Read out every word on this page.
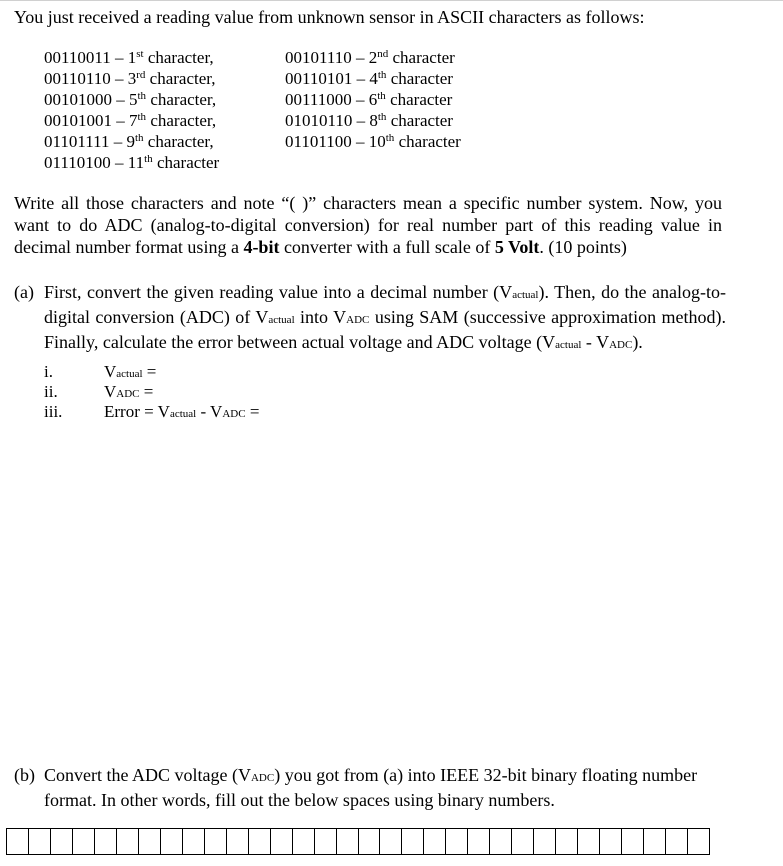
You just received a reading value from unknown sensor in ASCII characters as follows:
00110011 – 1st character,
00110110 – 3rd character,
00101000 – 5th character,
00101001 – 7th character,
01101111 – 9th character,
01110100 – 11th character
00101110 – 2nd character
00110101 – 4th character
00111000 – 6th character
01010110 – 8th character
01101100 – 10th character
Write all those characters and note “( )” characters mean a specific number system. Now, you want to do ADC (analog-to-digital conversion) for real number part of this reading value in decimal number format using a 4-bit converter with a full scale of 5 Volt. (10 points)
(a) First, convert the given reading value into a decimal number (Vactual). Then, do the analog-to-digital conversion (ADC) of Vactual into VADC using SAM (successive approximation method). Finally, calculate the error between actual voltage and ADC voltage (Vactual - VADC).
i.	Vactual =
ii.	VADC =
iii. Error = Vactual - VADC =
(b) Convert the ADC voltage (VADC) you got from (a) into IEEE 32-bit binary floating number format. In other words, fill out the below spaces using binary numbers.
